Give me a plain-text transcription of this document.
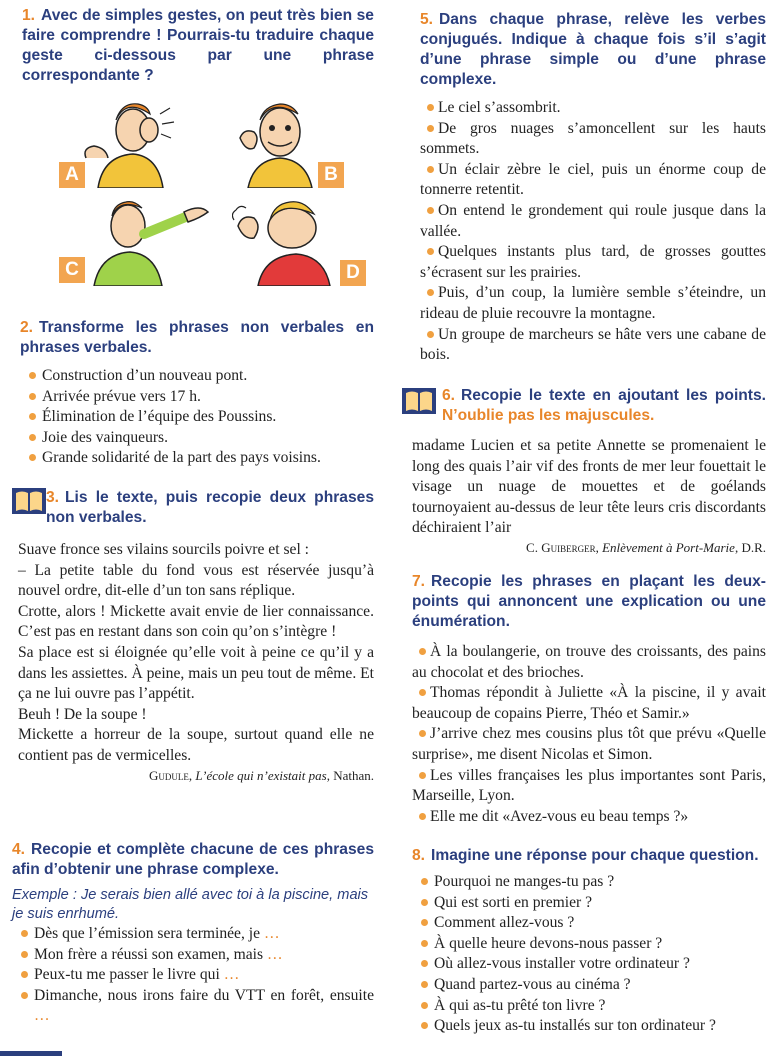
1. Avec de simples gestes, on peut très bien se faire comprendre ! Pourrais-tu traduire chaque geste ci-dessous par une phrase correspondante ?

A	B
C	D

2. Transforme les phrases non verbales en phrases verbales.

Construction d’un nouveau pont.
Arrivée prévue vers 17 h.
Élimination de l’équipe des Poussins.
Joie des vainqueurs.
Grande solidarité de la part des pays voisins.

3. Lis le texte, puis recopie deux phrases non verbales.

Suave fronce ses vilains sourcils poivre et sel :

– La petite table du fond vous est réservée jusqu’à nouvel ordre, dit-elle d’un ton sans réplique.

Crotte, alors ! Mickette avait envie de lier connaissance. C’est pas en restant dans son coin qu’on s’intègre !

Sa place est si éloignée qu’elle voit à peine ce qu’il y a dans les assiettes. À peine, mais un peu tout de même. Et ça ne lui ouvre pas l’appétit.

Beuh ! De la soupe !

Mickette a horreur de la soupe, surtout quand elle ne contient pas de vermicelles.

Gudule, L’école qui n’existait pas, Nathan.

4. Recopie et complète chacune de ces phrases afin d’obtenir une phrase complexe.

Exemple : Je serais bien allé avec toi à la piscine, mais je suis enrhumé.

Dès que l’émission sera terminée, je …
Mon frère a réussi son examen, mais …
Peux-tu me passer le livre qui …
Dimanche, nous irons faire du VTT en forêt, ensuite …

5. Dans chaque phrase, relève les verbes conjugués. Indique à chaque fois s’il s’agit d’une phrase simple ou d’une phrase complexe.

Le ciel s’assombrit.
De gros nuages s’amoncellent sur les hauts sommets.
Un éclair zèbre le ciel, puis un énorme coup de tonnerre retentit.
On entend le grondement qui roule jusque dans la vallée.
Quelques instants plus tard, de grosses gouttes s’écrasent sur les prairies.
Puis, d’un coup, la lumière semble s’éteindre, un rideau de pluie recouvre la montagne.
Un groupe de marcheurs se hâte vers une cabane de bois.

6. Recopie le texte en ajoutant les points. N’oublie pas les majuscules.

madame Lucien et sa petite Annette se promenaient le long des quais l’air vif des fronts de mer leur fouettait le visage un nuage de mouettes et de goélands tournoyaient au-dessus de leur tête leurs cris discordants déchiraient l’air

C. Guiberger, Enlèvement à Port-Marie, D.R.

7. Recopie les phrases en plaçant les deux-points qui annoncent une explication ou une énumération.

À la boulangerie, on trouve des croissants, des pains au chocolat et des brioches.
Thomas répondit à Juliette «À la piscine, il y avait beaucoup de copains Pierre, Théo et Samir.»
J’arrive chez mes cousins plus tôt que prévu «Quelle surprise», me disent Nicolas et Simon.
Les villes françaises les plus importantes sont Paris, Marseille, Lyon.
Elle me dit «Avez-vous eu beau temps ?»

8. Imagine une réponse pour chaque question.

Pourquoi ne manges-tu pas ?
Qui est sorti en premier ?
Comment allez-vous ?
À quelle heure devons-nous passer ?
Où allez-vous installer votre ordinateur ?
Quand partez-vous au cinéma ?
À qui as-tu prêté ton livre ?
Quels jeux as-tu installés sur ton ordinateur ?
